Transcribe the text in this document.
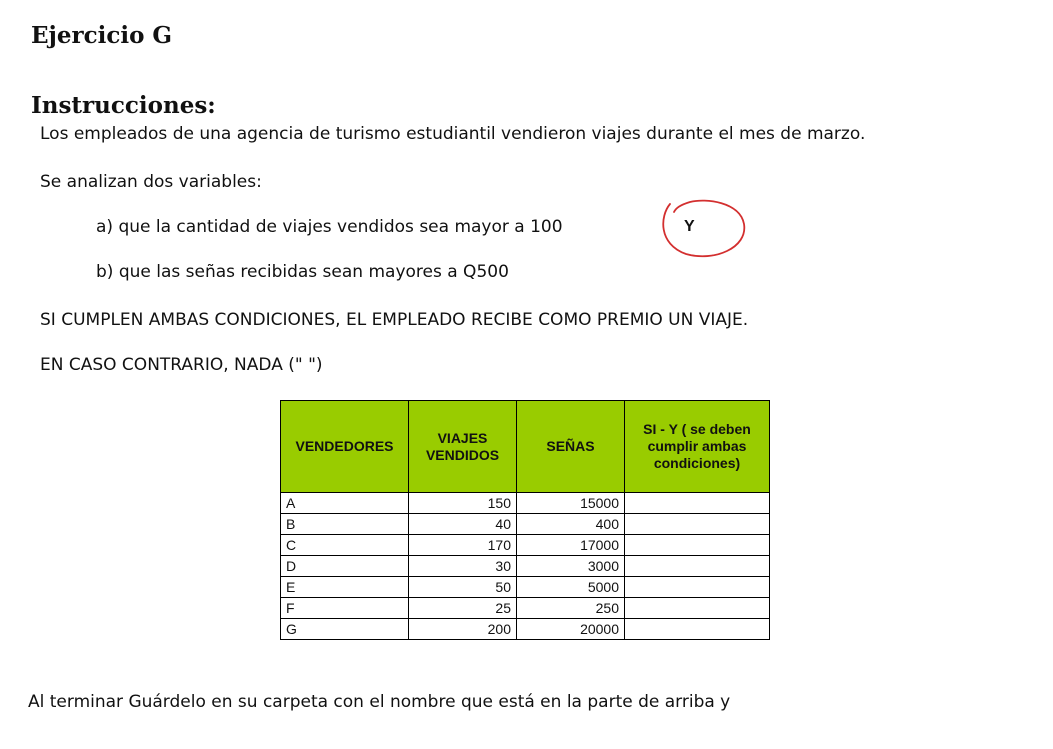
Ejercicio G
Instrucciones:
Los empleados de una agencia de turismo estudiantil vendieron viajes durante el mes de marzo.
Se analizan dos variables:
a) que la cantidad de viajes vendidos sea mayor a 100	Y
b) que las señas recibidas sean mayores a Q500
SI CUMPLEN AMBAS CONDICIONES, EL EMPLEADO RECIBE COMO PREMIO UN VIAJE.
EN CASO CONTRARIO, NADA (" ")
VENDEDORES	VIAJES VENDIDOS	SEÑAS	SI - Y ( se deben cumplir ambas condiciones)
A	150	15000	
B	40	400	
C	170	17000	
D	30	3000	
E	50	5000	
F	25	250	
G	200	20000	
Al terminar Guárdelo en su carpeta con el nombre que está en la parte de arriba y
